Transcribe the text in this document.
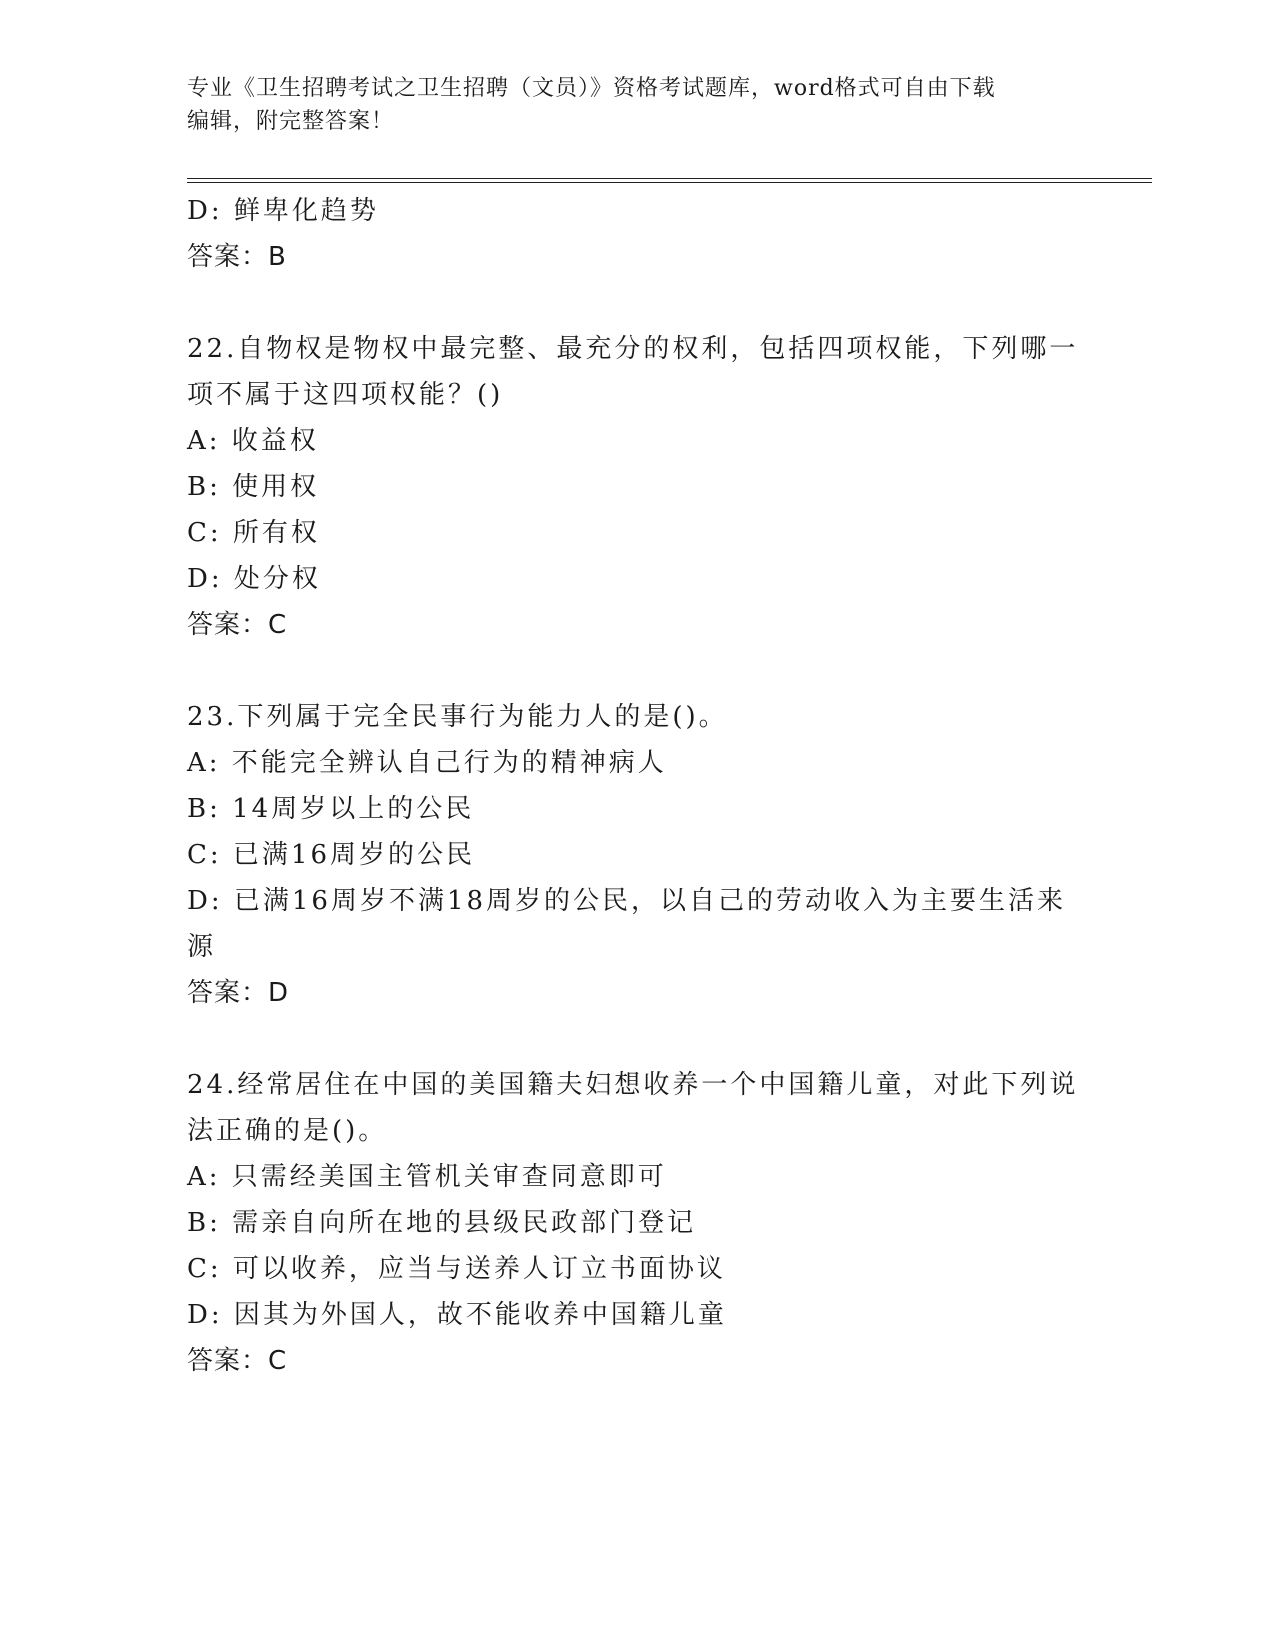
专业《卫生招聘考试之卫生招聘（文员）》资格考试题库，word格式可自由下载
编辑，附完整答案！
D: 鲜卑化趋势
答案：B
22.自物权是物权中最完整、最充分的权利，包括四项权能，下列哪一
项不属于这四项权能？()
A: 收益权
B: 使用权
C: 所有权
D: 处分权
答案：C
23.下列属于完全民事行为能力人的是()。
A: 不能完全辨认自己行为的精神病人
B: 14周岁以上的公民
C: 已满16周岁的公民
D: 已满16周岁不满18周岁的公民，以自己的劳动收入为主要生活来
源
答案：D
24.经常居住在中国的美国籍夫妇想收养一个中国籍儿童，对此下列说
法正确的是()。
A: 只需经美国主管机关审查同意即可
B: 需亲自向所在地的县级民政部门登记
C: 可以收养，应当与送养人订立书面协议
D: 因其为外国人，故不能收养中国籍儿童
答案：C
